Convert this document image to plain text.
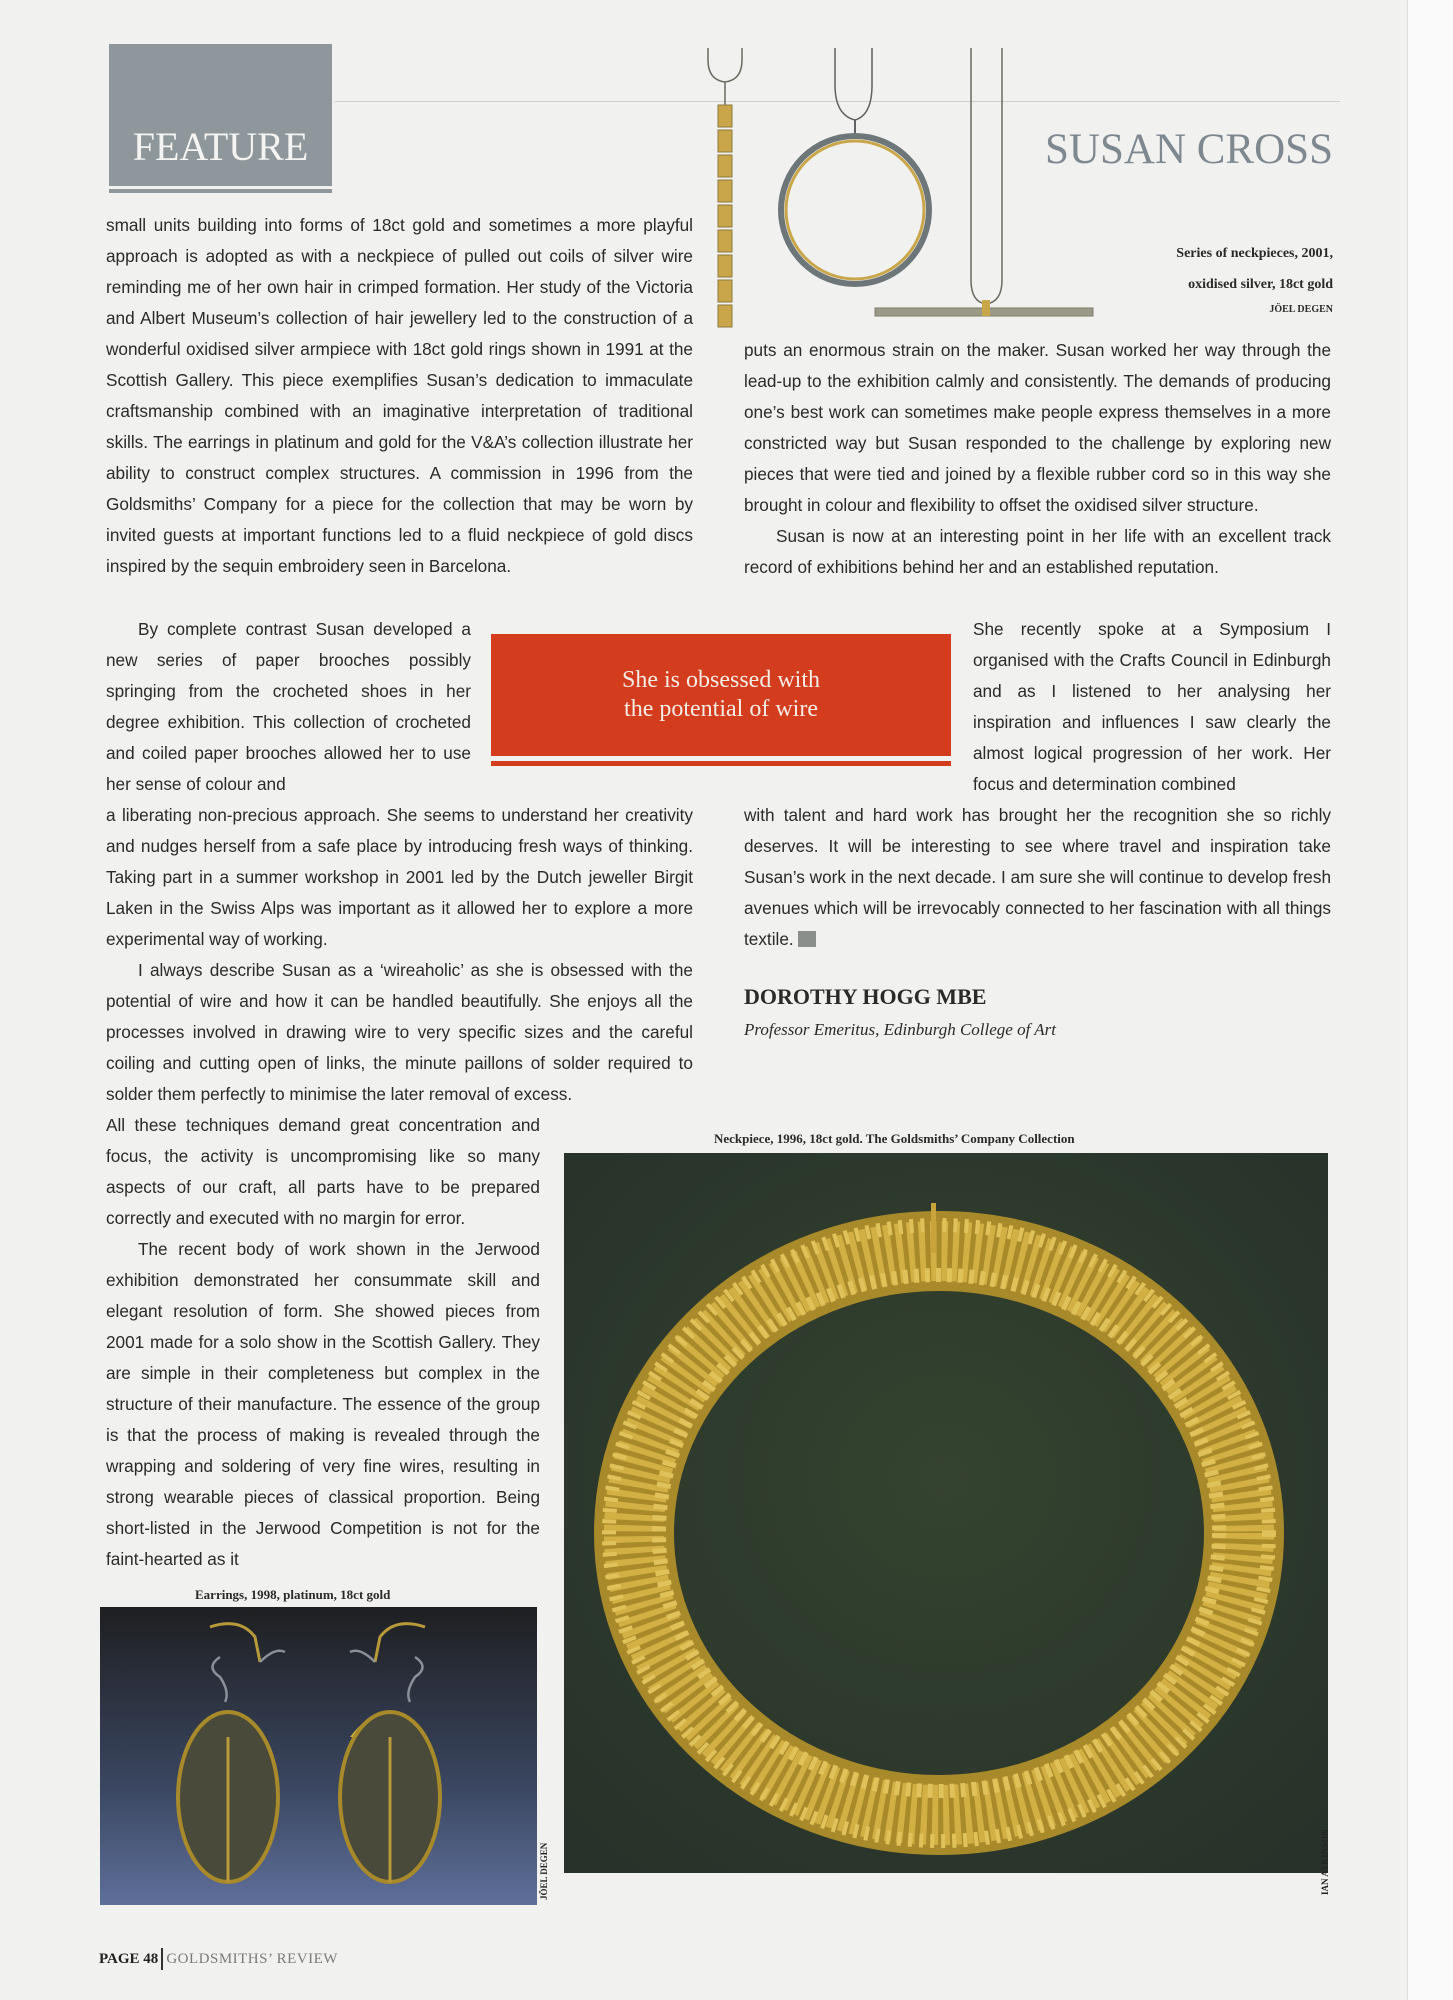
FEATURE	SUSAN CROSS
Series of neckpieces, 2001,
oxidised silver, 18ct gold
JÖEL DEGEN

small units building into forms of 18ct gold and sometimes a more playful approach is adopted as with a neckpiece of pulled out coils of silver wire reminding me of her own hair in crimped formation. Her study of the Victoria and Albert Museum’s collection of hair jewellery led to the construction of a wonderful oxidised silver armpiece with 18ct gold rings shown in 1991 at the Scottish Gallery. This piece exemplifies Susan’s dedication to immaculate craftsmanship combined with an imaginative interpretation of traditional skills. The earrings in platinum and gold for the V&A’s collection illustrate her ability to construct complex structures. A commission in 1996 from the Goldsmiths’ Company for a piece for the collection that may be worn by invited guests at important functions led to a fluid neckpiece of gold discs inspired by the sequin embroidery seen in Barcelona.

By complete contrast Susan developed a new series of paper brooches possibly springing from the crocheted shoes in her degree exhibition. This collection of crocheted and coiled paper brooches allowed her to use her sense of colour and

a liberating non-precious approach. She seems to understand her creativity and nudges herself from a safe place by introducing fresh ways of thinking. Taking part in a summer workshop in 2001 led by the Dutch jeweller Birgit Laken in the Swiss Alps was important as it allowed her to explore a more experimental way of working.

I always describe Susan as a ‘wireaholic’ as she is obsessed with the potential of wire and how it can be handled beautifully. She enjoys all the processes involved in drawing wire to very specific sizes and the careful coiling and cutting open of links, the minute paillons of solder required to solder them perfectly to minimise the later removal of excess.

All these techniques demand great concentration and focus, the activity is uncompromising like so many aspects of our craft, all parts have to be prepared correctly and executed with no margin for error.

The recent body of work shown in the Jerwood exhibition demonstrated her consummate skill and elegant resolution of form. She showed pieces from 2001 made for a solo show in the Scottish Gallery. They are simple in their completeness but complex in the structure of their manufacture. The essence of the group is that the process of making is revealed through the wrapping and soldering of very fine wires, resulting in strong wearable pieces of classical proportion. Being short-listed in the Jerwood Competition is not for the faint-hearted as it

puts an enormous strain on the maker. Susan worked her way through the lead-up to the exhibition calmly and consistently. The demands of producing one’s best work can sometimes make people express themselves in a more constricted way but Susan responded to the challenge by exploring new pieces that were tied and joined by a flexible rubber cord so in this way she brought in colour and flexibility to offset the oxidised silver structure.

Susan is now at an interesting point in her life with an excellent track record of exhibitions behind her and an established reputation.

She recently spoke at a Symposium I organised with the Crafts Council in Edinburgh and as I listened to her analysing her inspiration and influences I saw clearly the almost logical progression of her work. Her focus and determination combined

with talent and hard work has brought her the recognition she so richly deserves. It will be interesting to see where travel and inspiration take Susan’s work in the next decade. I am sure she will continue to develop fresh avenues which will be irrevocably connected to her fascination with all things textile.

She is obsessed with
the potential of wire
DOROTHY HOGG MBE
Professor Emeritus, Edinburgh College of Art
Neckpiece, 1996, 18ct gold. The Goldsmiths’ Company Collection
IAN ATKINSON
Earrings, 1998, platinum, 18ct gold
JÖEL DEGEN
PAGE 48 GOLDSMITHS’ REVIEW
